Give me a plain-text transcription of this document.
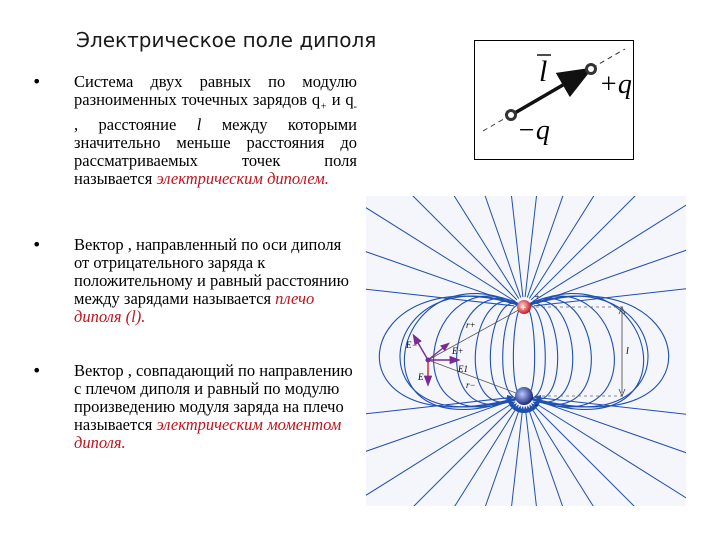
Электрическое поле диполя
• Система двух равных по модулю разноименных точечных зарядов $q_+$ и $q_-$ , расстояние l между которыми значительно меньше расстояния до рассматриваемых точек поля называется электрическим диполем.
• Вектор , направленный по оси диполя от отрицательного заряда к положительному и равный расстоянию между зарядами называется плечо диполя (l).
• Вектор , совпадающий по направлению с плечом диполя и равный по модулю произведению модуля заряда на плечо называется электрическим моментом диполя.
l +q
−q
r+
r−
E−
E+
E1
E
l
+
−
+
